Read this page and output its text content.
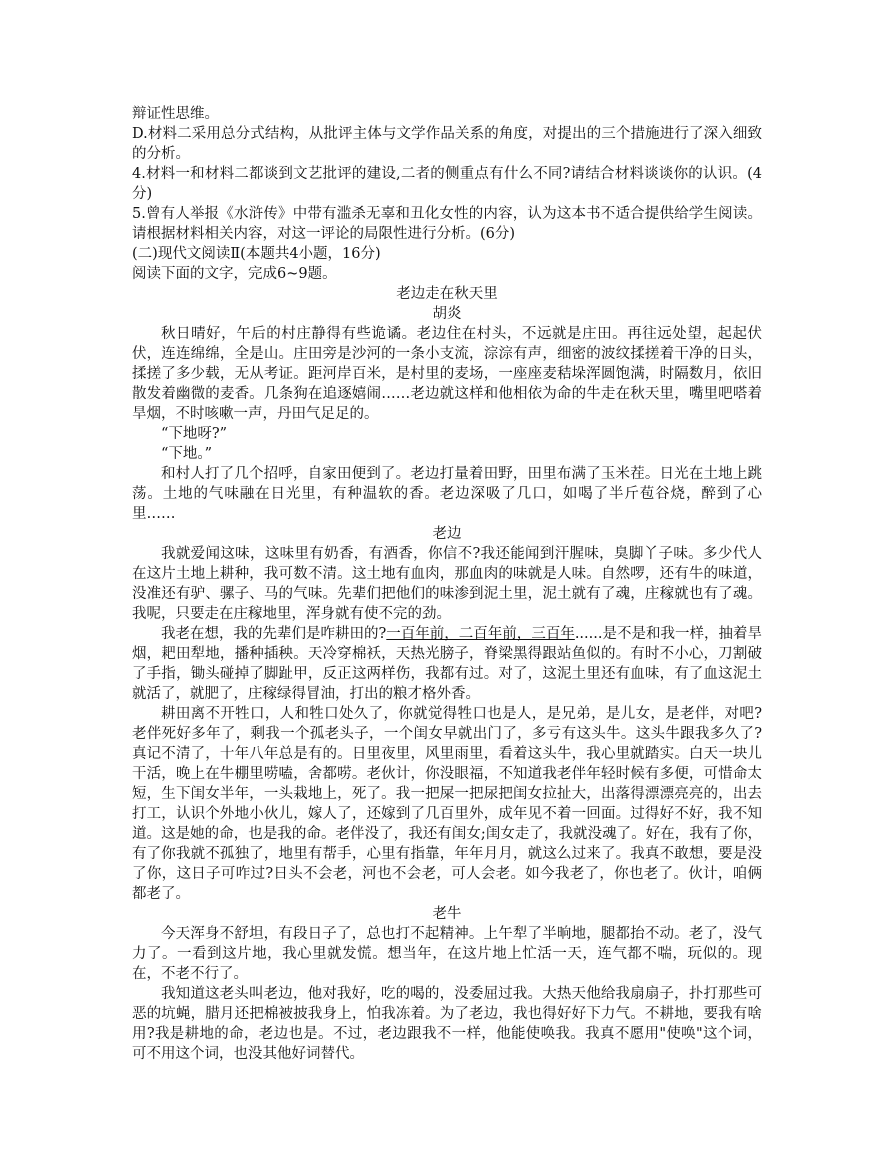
辩证性思维。

D.材料二采用总分式结构，从批评主体与文学作品关系的角度，对提出的三个措施进行了深入细致的分析。

4.材料一和材料二都谈到文艺批评的建设,二者的侧重点有什么不同?请结合材料谈谈你的认识。(4分)

5.曾有人举报《水浒传》中带有滥杀无辜和丑化女性的内容，认为这本书不适合提供给学生阅读。请根据材料相关内容，对这一评论的局限性进行分析。(6分)

(二)现代文阅读Ⅱ(本题共4小题，16分)

阅读下面的文字，完成6~9题。

老边走在秋天里

胡炎

秋日晴好，午后的村庄静得有些诡谲。老边住在村头，不远就是庄田。再往远处望，起起伏伏，连连绵绵，全是山。庄田旁是沙河的一条小支流，淙淙有声，细密的波纹揉搓着干净的日头，揉搓了多少载，无从考证。距河岸百米，是村里的麦场，一座座麦秸垛浑圆饱满，时隔数月，依旧散发着幽微的麦香。几条狗在追逐嬉闹……老边就这样和他相依为命的牛走在秋天里，嘴里吧嗒着旱烟，不时咳嗽一声，丹田气足足的。

“下地呀?”

“下地。”

和村人打了几个招呼，自家田便到了。老边打量着田野，田里布满了玉米茬。日光在土地上跳荡。土地的气味融在日光里，有种温软的香。老边深吸了几口，如喝了半斤苞谷烧，醉到了心里……

老边

我就爱闻这味，这味里有奶香，有酒香，你信不?我还能闻到汗腥味，臭脚丫子味。多少代人在这片土地上耕种，我可数不清。这土地有血肉，那血肉的味就是人味。自然啰，还有牛的味道，没准还有驴、骡子、马的气味。先辈们把他们的味渗到泥土里，泥土就有了魂，庄稼就也有了魂。我呢，只要走在庄稼地里，浑身就有使不完的劲。

我老在想，我的先辈们是咋耕田的?一百年前，二百年前，三百年......是不是和我一样，抽着旱烟，耙田犁地，播种插秧。天冷穿棉袄，天热光膀子，脊梁黑得跟站鱼似的。有时不小心，刀割破了手指，锄头碰掉了脚趾甲，反正这两样伤，我都有过。对了，这泥土里还有血味，有了血这泥土就活了，就肥了，庄稼绿得冒油，打出的粮才格外香。

耕田离不开牲口，人和牲口处久了，你就觉得牲口也是人，是兄弟，是儿女，是老伴，对吧?老伴死好多年了，剩我一个孤老头子，一个闺女早就出门了，多亏有这头牛。这头牛跟我多久了?真记不清了，十年八年总是有的。日里夜里，风里雨里，看着这头牛，我心里就踏实。白天一块儿干活，晚上在牛棚里唠嗑，舍都唠。老伙计，你没眼福，不知道我老伴年轻时候有多便，可惜命太短，生下闺女半年，一头栽地上，死了。我一把屎一把尿把闺女拉扯大，出落得漂漂亮亮的，出去打工，认识个外地小伙儿，嫁人了，还嫁到了几百里外，成年见不着一回面。过得好不好，我不知道。这是她的命，也是我的命。老伴没了，我还有闺女;闺女走了，我就没魂了。好在，我有了你，有了你我就不孤独了，地里有帮手，心里有指靠，年年月月，就这么过来了。我真不敢想，要是没了你，这日子可咋过?日头不会老，河也不会老，可人会老。如今我老了，你也老了。伙计，咱俩都老了。

老牛

今天浑身不舒坦，有段日子了，总也打不起精神。上午犁了半晌地，腿都抬不动。老了，没气力了。一看到这片地，我心里就发慌。想当年，在这片地上忙活一天，连气都不喘，玩似的。现在，不老不行了。

我知道这老头叫老边，他对我好，吃的喝的，没委屈过我。大热天他给我扇扇子，扑打那些可恶的坑蝇，腊月还把棉被披我身上，怕我冻着。为了老边，我也得好好下力气。不耕地，要我有啥用?我是耕地的命，老边也是。不过，老边跟我不一样，他能使唤我。我真不愿用"使唤"这个词，可不用这个词，也没其他好词替代。
